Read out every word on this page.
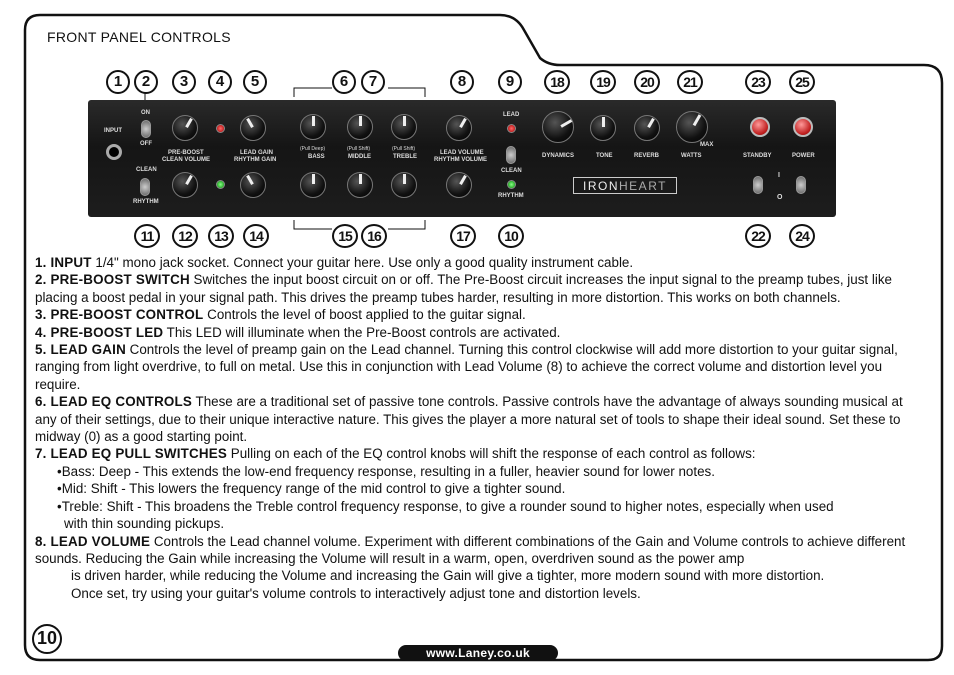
FRONT PANEL CONTROLS
1	2	3	4	5	6	7	8	9	18	19	20	21	23	25
INPUT
ON
OFF
PRE-BOOST
CLEAN VOLUME
LEAD GAIN
RHYTHM GAIN
CLEAN
RHYTHM
(Pull Deep)	(Pull Shift)	(Pull Shift)
BASS	MIDDLE	TREBLE
LEAD VOLUME
RHYTHM VOLUME
LEAD
CLEAN
RHYTHM
DYNAMICS	TONE	REVERB	WATTS
MAX
STANDBY	POWER
I
O
IRONHEART
11	12	13	14	15	16	17	10	22	24

1. INPUT 1/4" mono jack socket. Connect your guitar here. Use only a good quality instrument cable.

2. PRE-BOOST SWITCH Switches the input boost circuit on or off. The Pre-Boost circuit increases the input signal to the preamp tubes, just like placing a boost pedal in your signal path. This drives the preamp tubes harder, resulting in more distortion. This works on both channels.

3. PRE-BOOST CONTROL Controls the level of boost applied to the guitar signal.

4. PRE-BOOST LED This LED will illuminate when the Pre-Boost controls are activated.

5. LEAD GAIN Controls the level of preamp gain on the Lead channel. Turning this control clockwise will add more distortion to your guitar signal, ranging from light overdrive, to full on metal. Use this in conjunction with Lead Volume (8) to achieve the correct volume and distortion level you require.

6. LEAD EQ CONTROLS These are a traditional set of passive tone controls. Passive controls have the advantage of always sounding musical at any of their settings, due to their unique interactive nature. This gives the player a more natural set of tools to shape their ideal sound. Set these to midway (0) as a good starting point.

7. LEAD EQ PULL SWITCHES Pulling on each of the EQ control knobs will shift the response of each control as follows:

•Bass: Deep - This extends the low-end frequency response, resulting in a fuller, heavier sound for lower notes.

•Mid: Shift - This lowers the frequency range of the mid control to give a tighter sound.

•Treble: Shift - This broadens the Treble control frequency response, to give a rounder sound to higher notes, especially when used

with thin sounding pickups.

8. LEAD VOLUME Controls the Lead channel volume. Experiment with different combinations of the Gain and Volume controls to achieve different sounds. Reducing the Gain while increasing the Volume will result in a warm, open, overdriven sound as the power amp

is driven harder, while reducing the Volume and increasing the Gain will give a tighter, more modern sound with more distortion.

Once set, try using your guitar's volume controls to interactively adjust tone and distortion levels.

10
www.Laney.co.uk
